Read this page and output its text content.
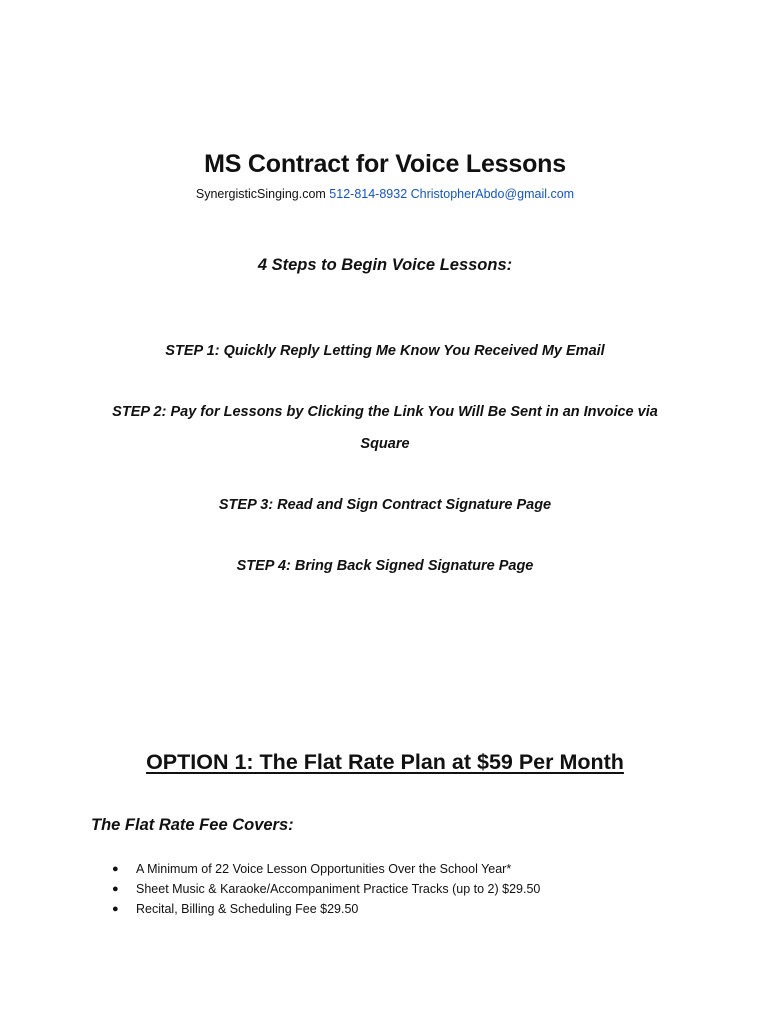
MS Contract for Voice Lessons
SynergisticSinging.com 512-814-8932 ChristopherAbdo@gmail.com
4 Steps to Begin Voice Lessons:
STEP 1: Quickly Reply Letting Me Know You Received My Email
STEP 2: Pay for Lessons by Clicking the Link You Will Be Sent in an Invoice via Square
STEP 3: Read and Sign Contract Signature Page
STEP 4: Bring Back Signed Signature Page
OPTION 1: The Flat Rate Plan at $59 Per Month
The Flat Rate Fee Covers:
● A Minimum of 22 Voice Lesson Opportunities Over the School Year*
● Sheet Music & Karaoke/Accompaniment Practice Tracks (up to 2) $29.50
● Recital, Billing & Scheduling Fee $29.50
